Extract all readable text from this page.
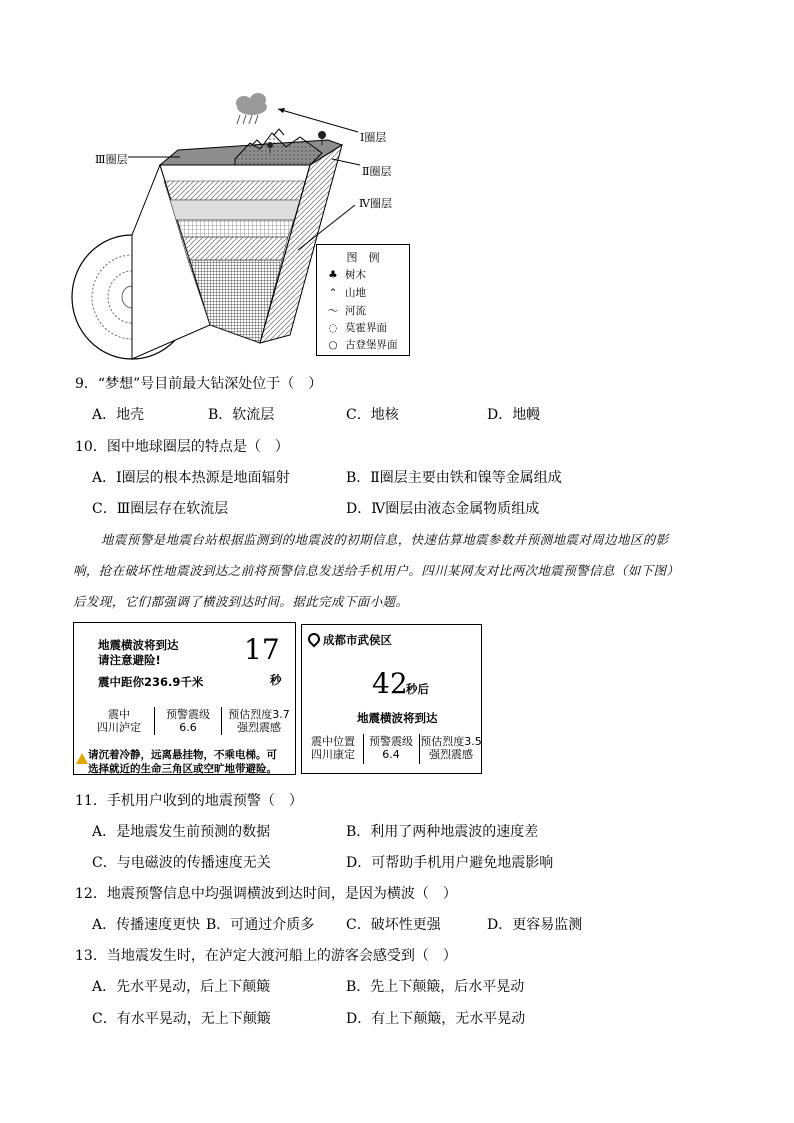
Ⅲ圈层
Ⅰ圈层
Ⅱ圈层
Ⅳ圈层
图　例
♣ 树木
⌃ 山地
〜 河流
◌ 莫霍界面
○ 古登堡界面
9．“梦想”号目前最大钻深处位于（　）
A．地壳	B．软流层	C．地核	D．地幔
10．图中地球圈层的特点是（　）
A．Ⅰ圈层的根本热源是地面辐射	B．Ⅱ圈层主要由铁和镍等金属组成
C．Ⅲ圈层存在软流层	D．Ⅳ圈层由液态金属物质组成
地震预警是地震台站根据监测到的地震波的初期信息，快速估算地震参数并预测地震对周边地区的影
响，抢在破坏性地震波到达之前将预警信息发送给手机用户。四川某网友对比两次地震预警信息（如下图）
后发现，它们都强调了横波到达时间。据此完成下面小题。
地震横波将到达
请注意避险!	17
秒
震中距你236.9千米
震中
四川泸定
预警震级
6.6
预估烈度3.7
强烈震感
请沉着冷静，远离悬挂物，不乘电梯。可
选择就近的生命三角区或空旷地带避险。
成都市武侯区
42
秒后
地震横波将到达
震中位置
四川康定
预警震级
6.4
预估烈度3.5
强烈震感
11．手机用户收到的地震预警（　）
A．是地震发生前预测的数据	B．利用了两种地震波的速度差
C．与电磁波的传播速度无关	D．可帮助手机用户避免地震影响
12．地震预警信息中均强调横波到达时间，是因为横波（　）
A．传播速度更快 B．可通过介质多 C．破坏性更强	D．更容易监测
13．当地震发生时，在泸定大渡河船上的游客会感受到（　）
A．先水平晃动，后上下颠簸	B．先上下颠簸，后水平晃动
C．有水平晃动，无上下颠簸	D．有上下颠簸，无水平晃动
